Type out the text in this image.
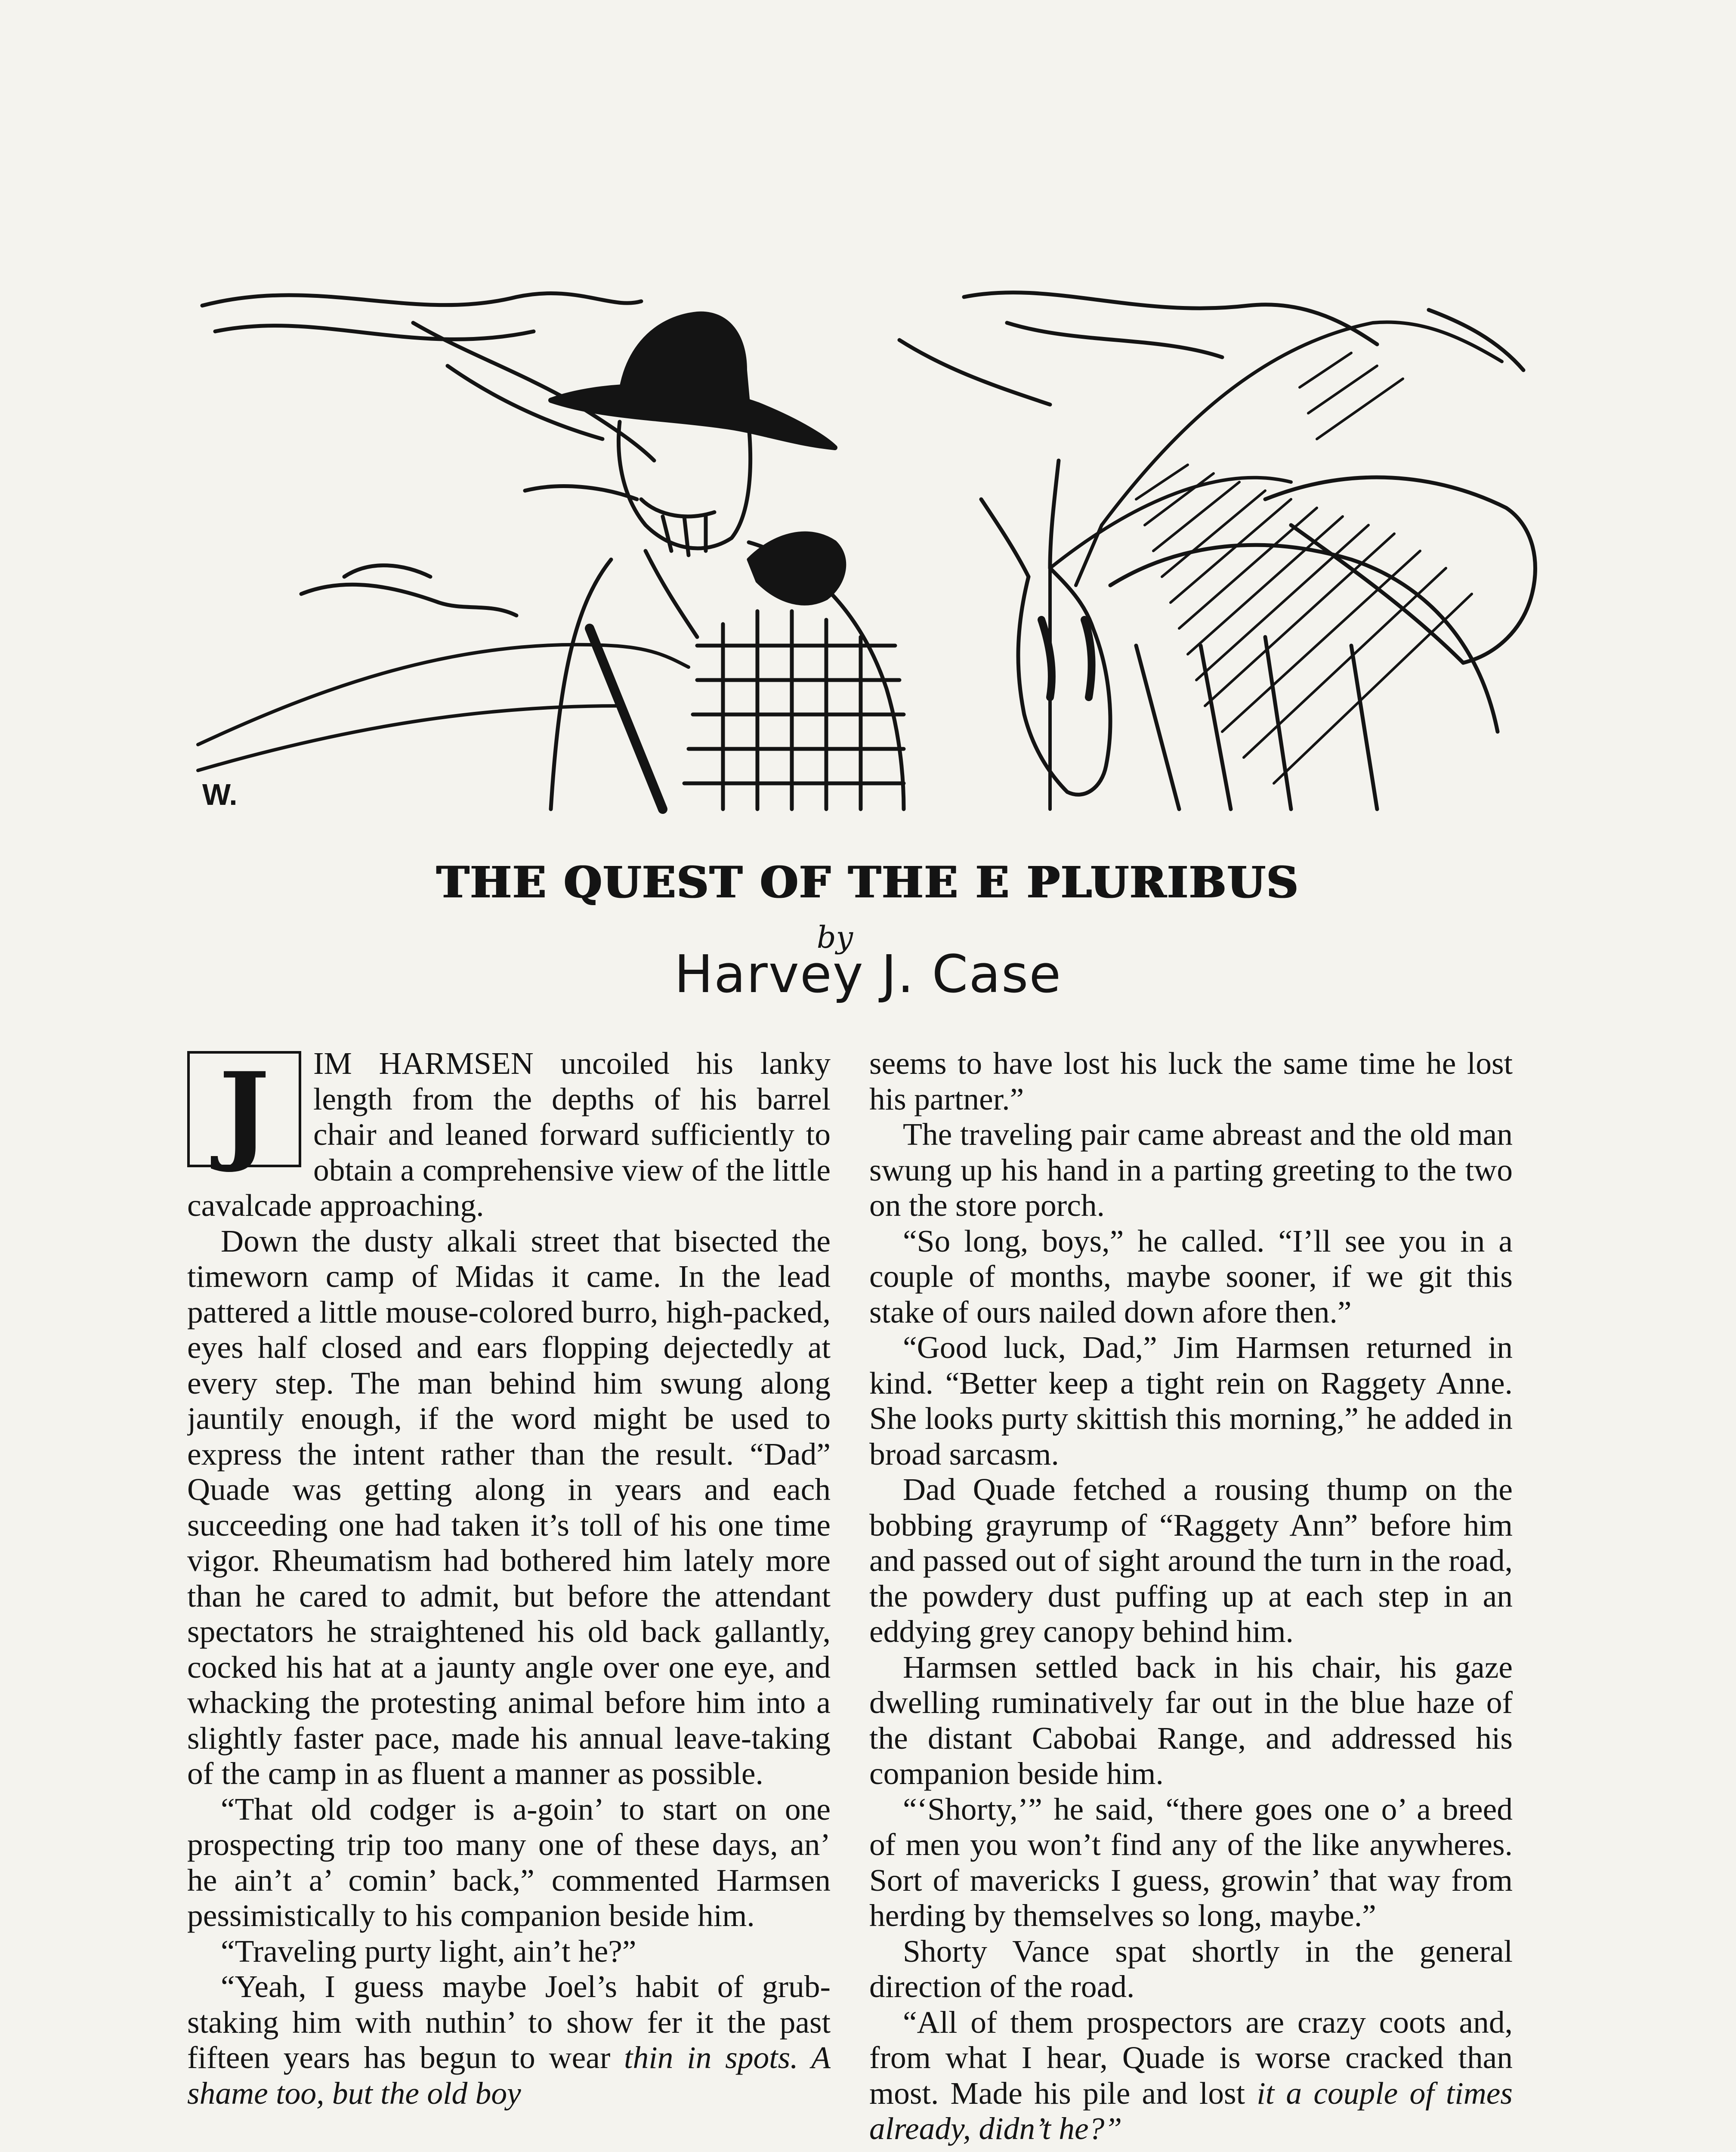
W.
THE QUEST OF THE E PLURIBUS
by
Harvey J. Case
J	IM HARMSEN uncoiled his lanky length from the depths of his barrel chair and leaned forward sufficiently to obtain a comprehensive view of the little cavalcade approaching.

Down the dusty alkali street that bisected the timeworn camp of Midas it came. In the lead pattered a little mouse-colored burro, high-packed, eyes half closed and ears flopping dejectedly at every step. The man behind him swung along jauntily enough, if the word might be used to express the intent rather than the result. “Dad” Quade was getting along in years and each succeeding one had taken it’s toll of his one time vigor. Rheumatism had bothered him lately more than he cared to admit, but before the attendant spectators he straightened his old back gallantly, cocked his hat at a jaunty angle over one eye, and whacking the protesting animal before him into a slightly faster pace, made his annual leave-taking of the camp in as fluent a manner as possible.

“That old codger is a-goin’ to start on one prospecting trip too many one of these days, an’ he ain’t a’ comin’ back,” commented Harmsen pessimistically to his companion beside him.

“Traveling purty light, ain’t he?”

“Yeah, I guess maybe Joel’s habit of grub-staking him with nuthin’ to show fer it the past fifteen years has begun to wear thin in spots. A shame too, but the old boy

seems to have lost his luck the same time he lost his partner.”

The traveling pair came abreast and the old man swung up his hand in a parting greeting to the two on the store porch.

“So long, boys,” he called. “I’ll see you in a couple of months, maybe sooner, if we git this stake of ours nailed down afore then.”

“Good luck, Dad,” Jim Harmsen returned in kind. “Better keep a tight rein on Raggety Anne. She looks purty skittish this morning,” he added in broad sarcasm.

Dad Quade fetched a rousing thump on the bobbing grayrump of “Raggety Ann” before him and passed out of sight around the turn in the road, the powdery dust puffing up at each step in an eddying grey canopy behind him.

Harmsen settled back in his chair, his gaze dwelling ruminatively far out in the blue haze of the distant Cabobai Range, and addressed his companion beside him.

“‘Shorty,’” he said, “there goes one o’ a breed of men you won’t find any of the like anywheres. Sort of mavericks I guess, growin’ that way from herding by themselves so long, maybe.”

Shorty Vance spat shortly in the general direction of the road.

“All of them prospectors are crazy coots and, from what I hear, Quade is worse cracked than most. Made his pile and lost it a couple of times already, didn’t he?”
